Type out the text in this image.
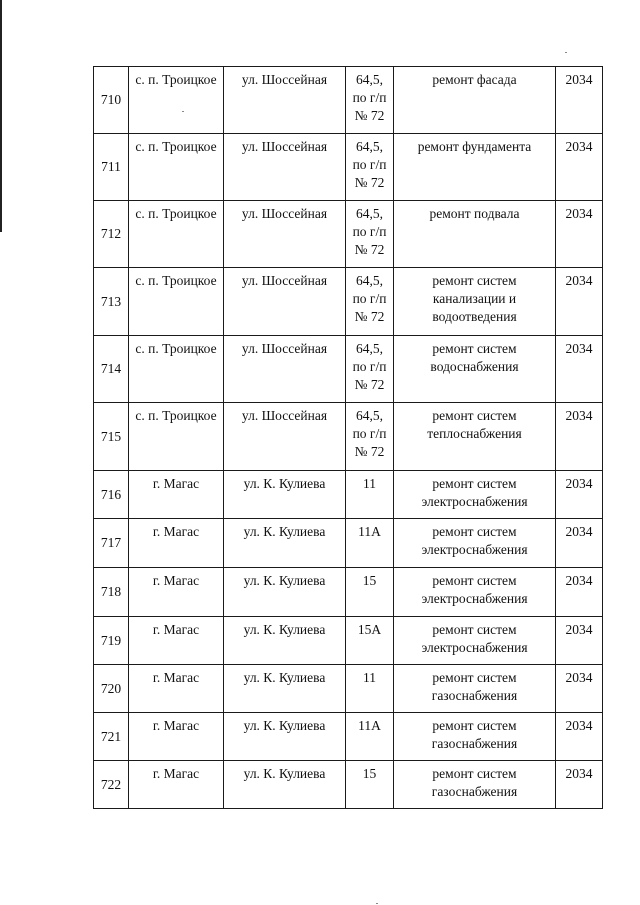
710	с. п. Троицкое	ул. Шоссейная	64,5,
по г/п
№ 72	ремонт фасада	2034
711	с. п. Троицкое	ул. Шоссейная	64,5,
по г/п
№ 72	ремонт фундамента	2034
712	с. п. Троицкое	ул. Шоссейная	64,5,
по г/п
№ 72	ремонт подвала	2034
713	с. п. Троицкое	ул. Шоссейная	64,5,
по г/п
№ 72	ремонт систем
канализации и
водоотведения	2034
714	с. п. Троицкое	ул. Шоссейная	64,5,
по г/п
№ 72	ремонт систем
водоснабжения	2034
715	с. п. Троицкое	ул. Шоссейная	64,5,
по г/п
№ 72	ремонт систем
теплоснабжения	2034
716	г. Магас	ул. К. Кулиева	11	ремонт систем
электроснабжения	2034
717	г. Магас	ул. К. Кулиева	11А	ремонт систем
электроснабжения	2034
718	г. Магас	ул. К. Кулиева	15	ремонт систем
электроснабжения	2034
719	г. Магас	ул. К. Кулиева	15А	ремонт систем
электроснабжения	2034
720	г. Магас	ул. К. Кулиева	11	ремонт систем
газоснабжения	2034
721	г. Магас	ул. К. Кулиева	11А	ремонт систем
газоснабжения	2034
722	г. Магас	ул. К. Кулиева	15	ремонт систем
газоснабжения	2034
